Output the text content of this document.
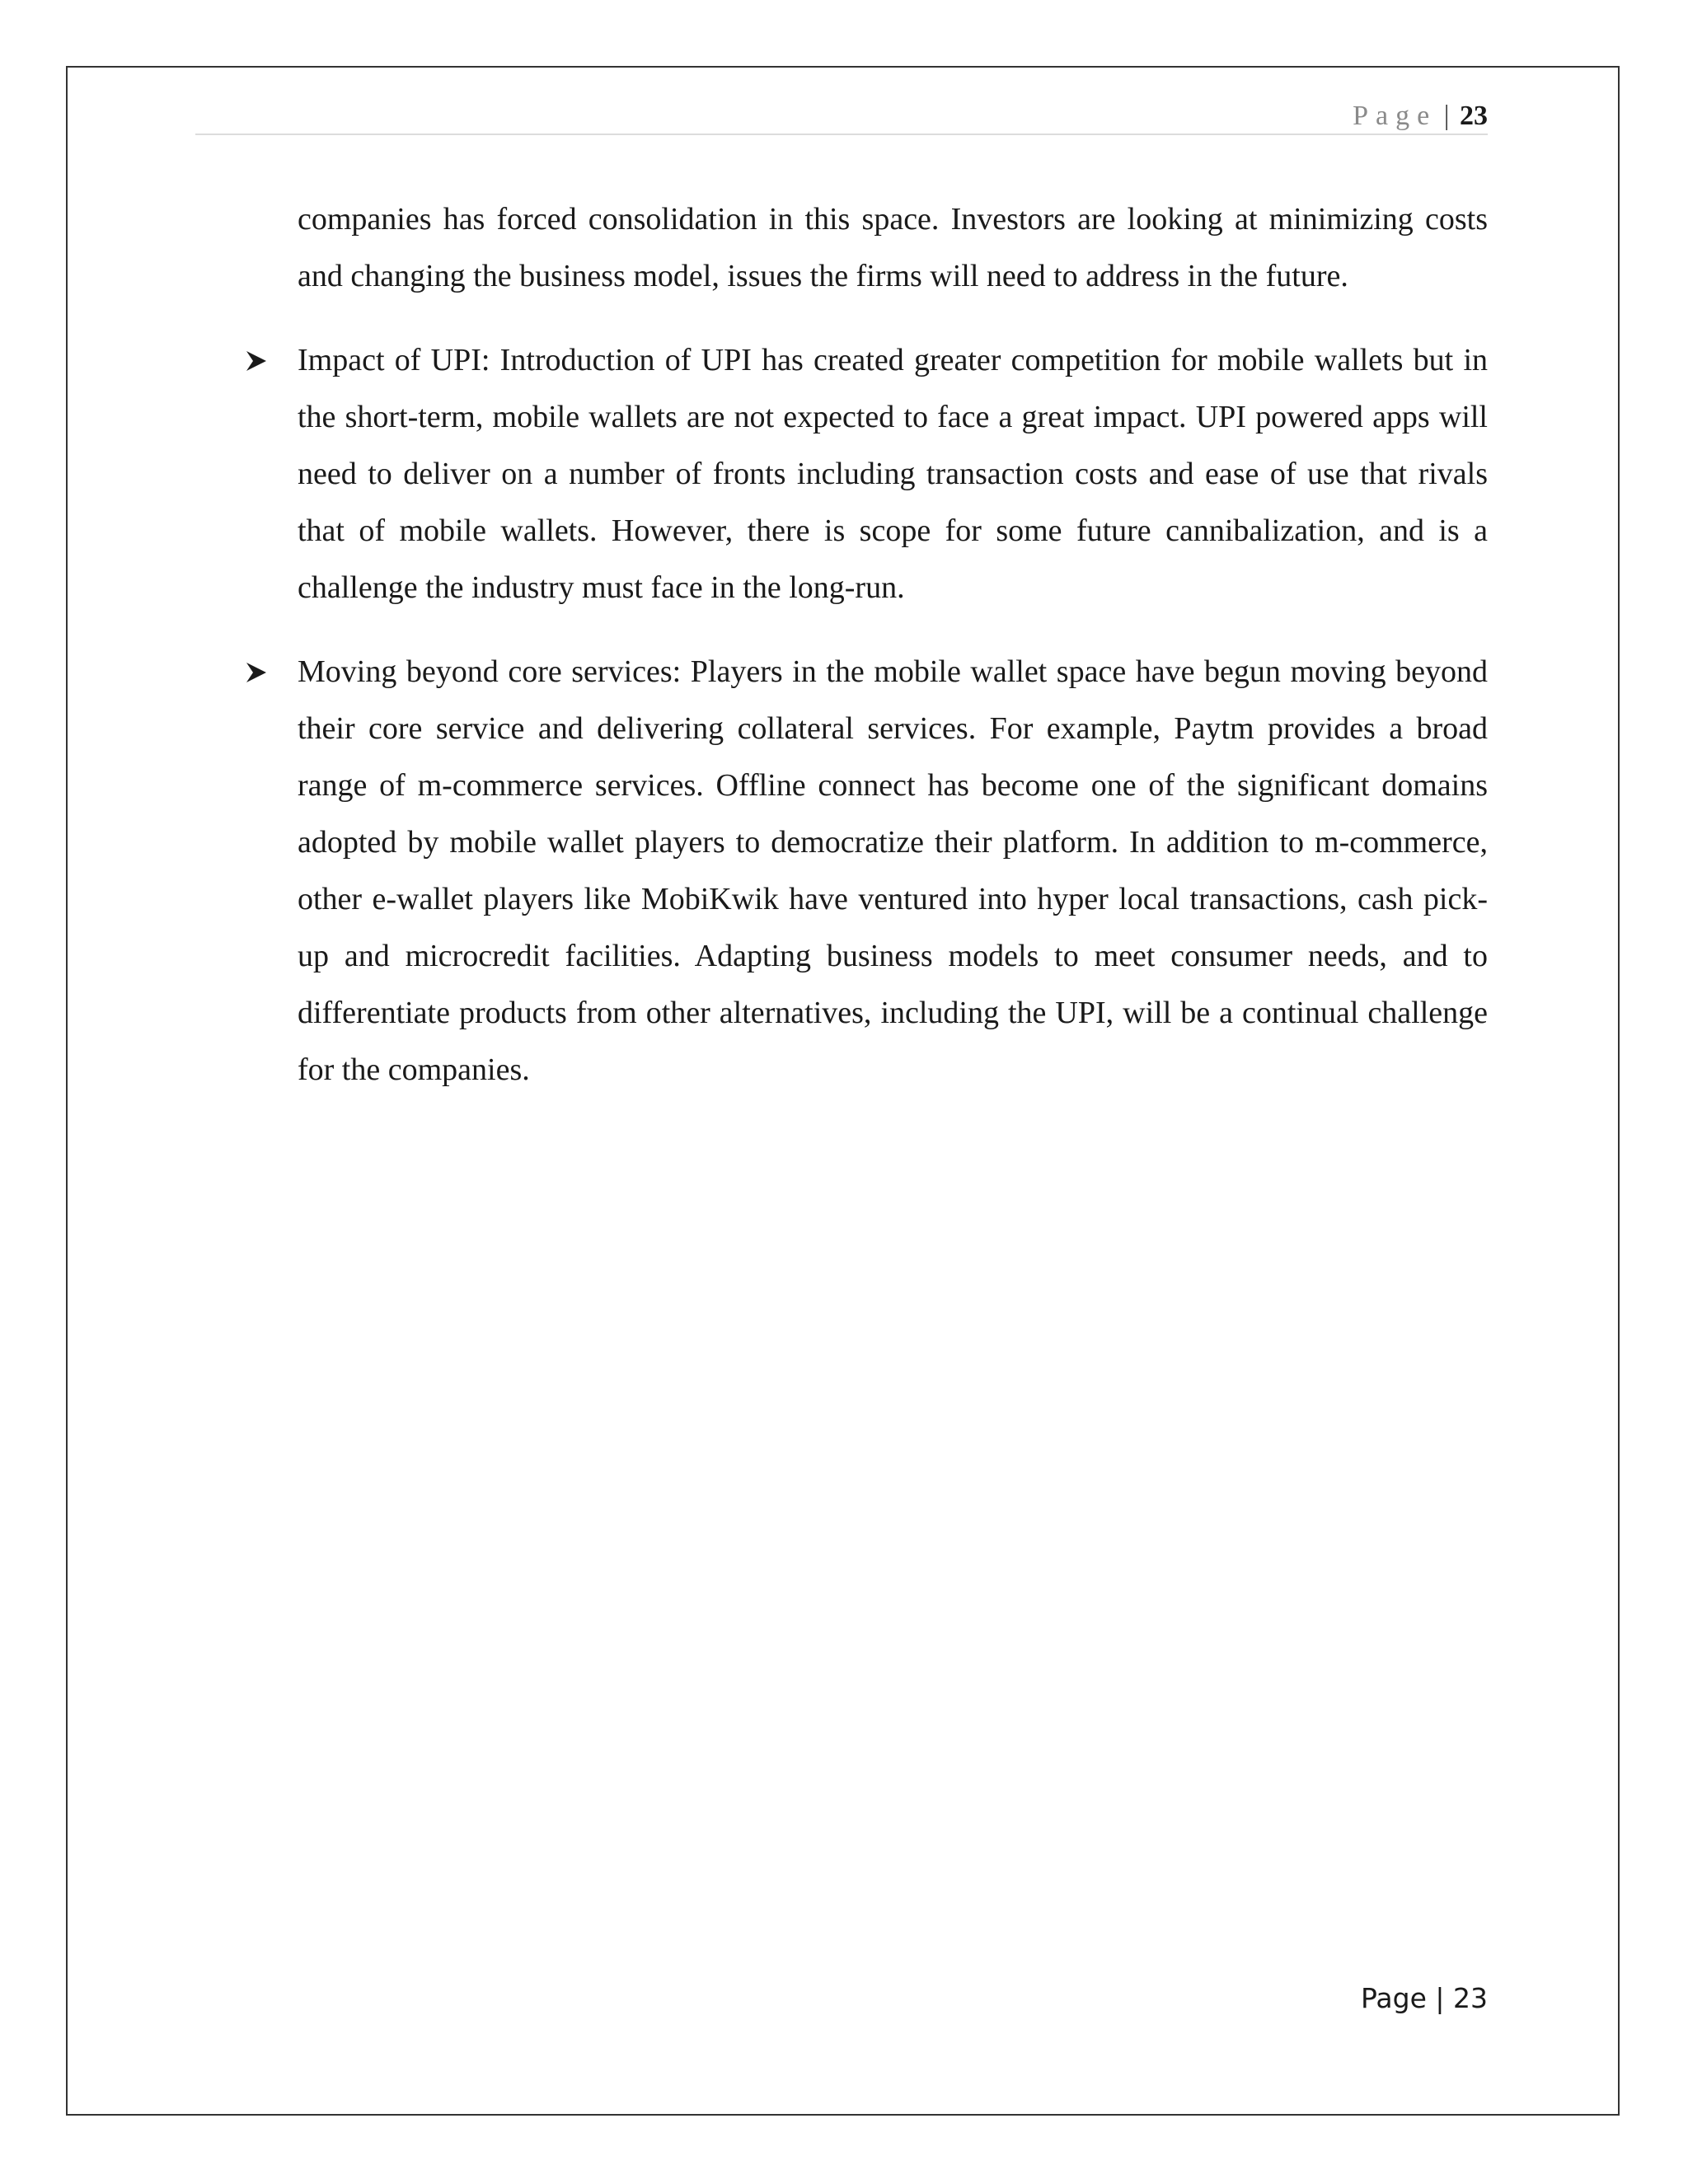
Page | 23

companies has forced consolidation in this space. Investors are looking at minimizing costs and changing the business model, issues the firms will need to address in the future.

Impact of UPI: Introduction of UPI has created greater competition for mobile wallets but in the short-term, mobile wallets are not expected to face a great impact. UPI powered apps will need to deliver on a number of fronts including transaction costs and ease of use that rivals that of mobile wallets. However, there is scope for some future cannibalization, and is a challenge the industry must face in the long-run.

Moving beyond core services: Players in the mobile wallet space have begun moving beyond their core service and delivering collateral services. For example, Paytm provides a broad range of m-commerce services. Offline connect has become one of the significant domains adopted by mobile wallet players to democratize their platform. In addition to m-commerce, other e-wallet players like MobiKwik have ventured into hyper local transactions, cash pick-up and microcredit facilities. Adapting business models to meet consumer needs, and to differentiate products from other alternatives, including the UPI, will be a continual challenge for the companies.

Page | 23
